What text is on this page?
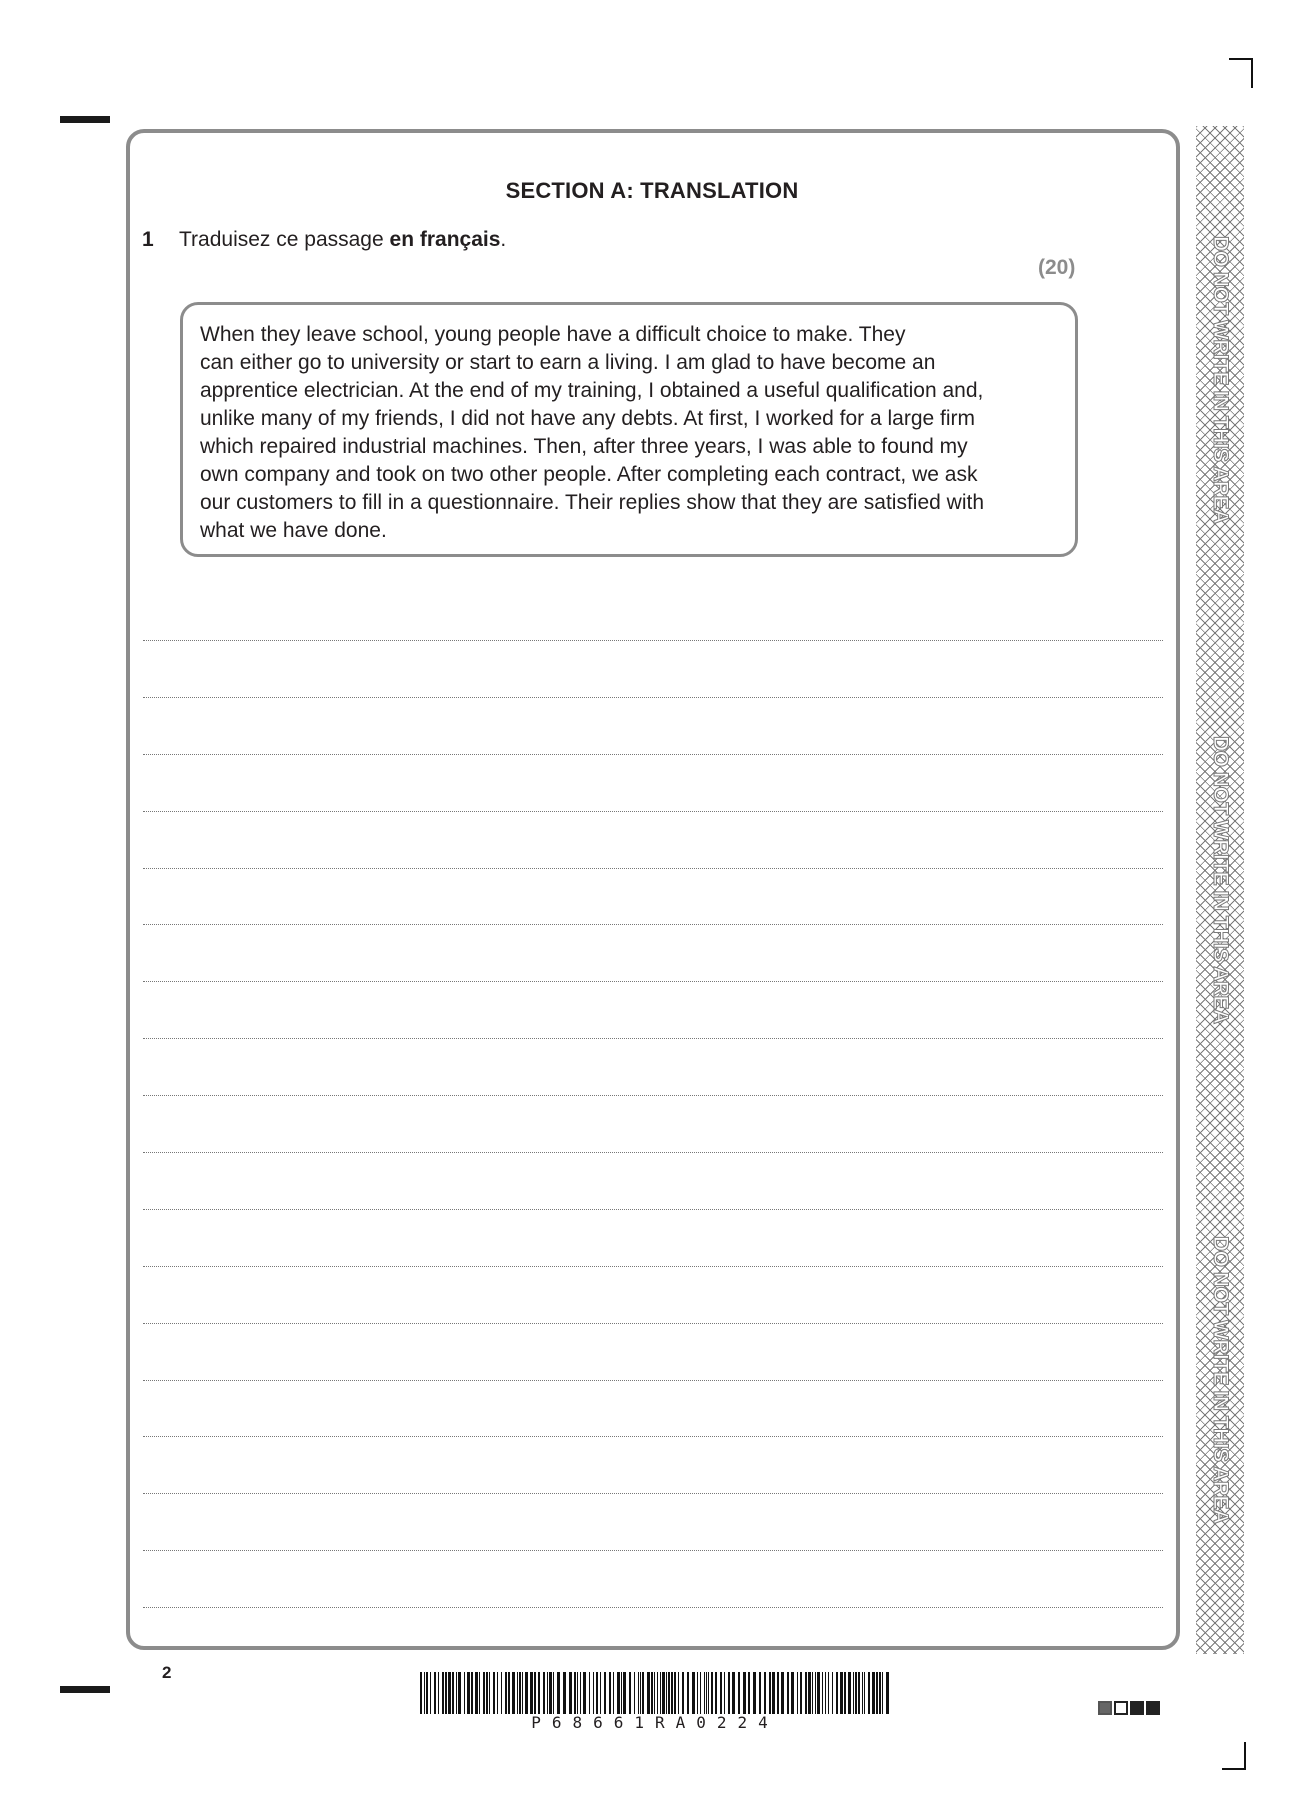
SECTION A: TRANSLATION
1 Traduisez ce passage en français.
(20)

When they leave school, young people have a difficult choice to make. They
can either go to university or start to earn a living. I am glad to have become an
apprentice electrician. At the end of my training, I obtained a useful qualification and,
unlike many of my friends, I did not have any debts. At first, I worked for a large firm
which repaired industrial machines. Then, after three years, I was able to found my
own company and took on two other people. After completing each contract, we ask
our customers to fill in a questionnaire. Their replies show that they are satisfied with
what we have done.

2
P68661RA0224
DO NOT WRITE IN THIS AREA
DO NOT WRITE IN THIS AREA
DO NOT WRITE IN THIS AREA
